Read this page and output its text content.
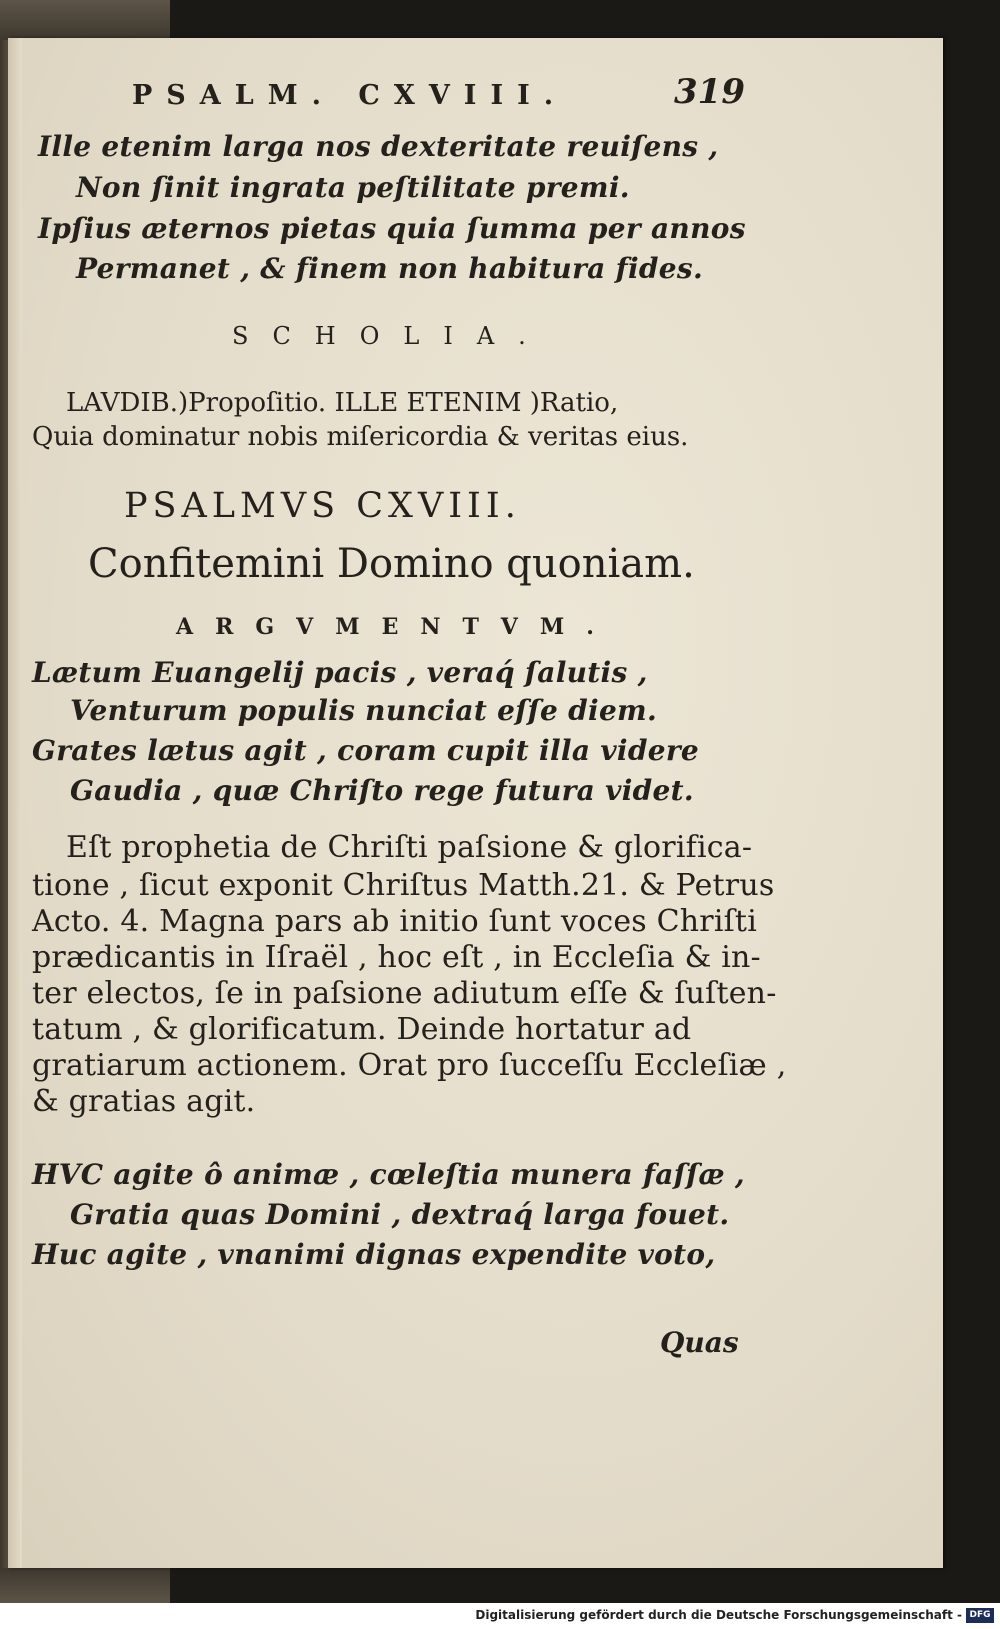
PSALM. CXVIII.	319
Ille etenim larga nos dexteritate reuiſens ,
Non ſinit ingrata peſtilitate premi.
Ipſius æternos pietas quia ſumma per annos
Permanet , & finem non habitura fides.
SCHOLIA.
LAVDIB.)Propoſitio. ILLE ETENIM )Ratio,
Quia dominatur nobis miſericordia & veritas eius.
PSALMVS CXVIII.
Confitemini Domino quoniam.
ARGVMENTVM.
Lætum Euangelij pacis , veraq́ ſalutis ,
Venturum populis nunciat eſſe diem.
Grates lætus agit , coram cupit illa videre
Gaudia , quæ Chriſto rege futura videt.
Eſt prophetia de Chriſti paſsione & glorifica-
tione , ſicut exponit Chriſtus Matth.21. & Petrus
Acto. 4. Magna pars ab initio ſunt voces Chriſti
prædicantis in Iſraël , hoc eſt , in Eccleſia & in-
ter electos, ſe in paſsione adiutum eſſe & ſuſten-
tatum , & glorificatum. Deinde hortatur ad
gratiarum actionem. Orat pro ſucceſſu Eccleſiæ ,
& gratias agit.
HVC agite ô animæ , cœleſtia munera faſſæ ,
Gratia quas Domini , dextraq́ larga fouet.
Huc agite , vnanimi dignas expendite voto,
Quas
Digitalisierung gefördert durch die Deutsche Forschungsgemeinschaft - DFG
